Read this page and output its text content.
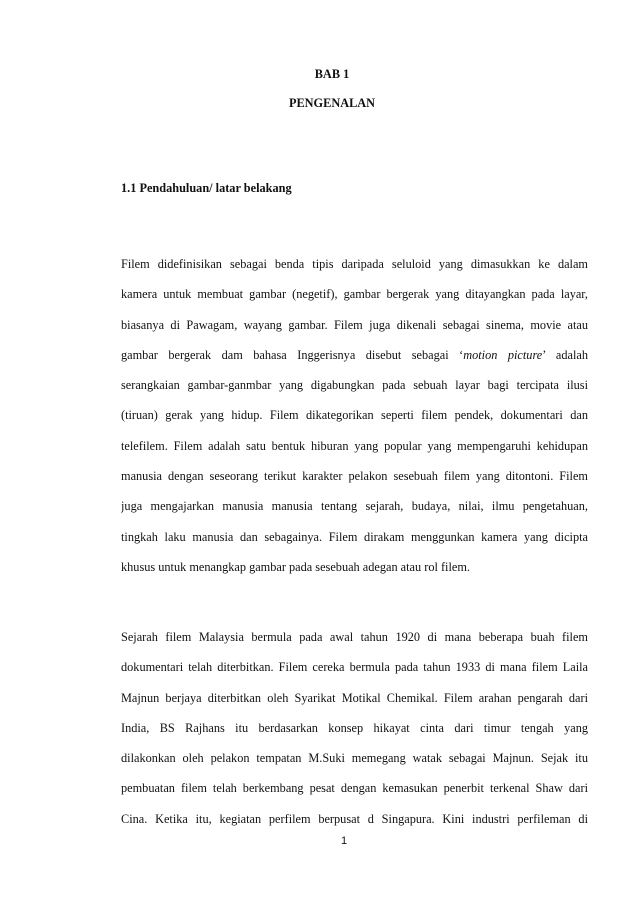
BAB 1
PENGENALAN
1.1 Pendahuluan/ latar belakang
Filem didefinisikan sebagai benda tipis daripada seluloid yang dimasukkan ke dalam
kamera untuk membuat gambar (negetif), gambar bergerak yang ditayangkan pada layar,
biasanya di Pawagam, wayang gambar. Filem juga dikenali sebagai sinema, movie atau
gambar bergerak dam bahasa Inggerisnya disebut sebagai ‘motion picture’ adalah
serangkaian gambar-ganmbar yang digabungkan pada sebuah layar bagi tercipata ilusi
(tiruan) gerak yang hidup. Filem dikategorikan seperti filem pendek, dokumentari dan
telefilem. Filem adalah satu bentuk hiburan yang popular yang mempengaruhi kehidupan
manusia dengan seseorang terikut karakter pelakon sesebuah filem yang ditontoni. Filem
juga mengajarkan manusia manusia tentang sejarah, budaya, nilai, ilmu pengetahuan,
tingkah laku manusia dan sebagainya. Filem dirakam menggunkan kamera yang dicipta
khusus untuk menangkap gambar pada sesebuah adegan atau rol filem.
Sejarah filem Malaysia bermula pada awal tahun 1920 di mana beberapa buah filem
dokumentari telah diterbitkan. Filem cereka bermula pada tahun 1933 di mana filem Laila
Majnun berjaya diterbitkan oleh Syarikat Motikal Chemikal. Filem arahan pengarah dari
India, BS Rajhans itu berdasarkan konsep hikayat cinta dari timur tengah yang
dilakonkan oleh pelakon tempatan M.Suki memegang watak sebagai Majnun. Sejak itu
pembuatan filem telah berkembang pesat dengan kemasukan penerbit terkenal Shaw dari
Cina. Ketika itu, kegiatan perfilem berpusat d Singapura. Kini industri perfileman di
1
